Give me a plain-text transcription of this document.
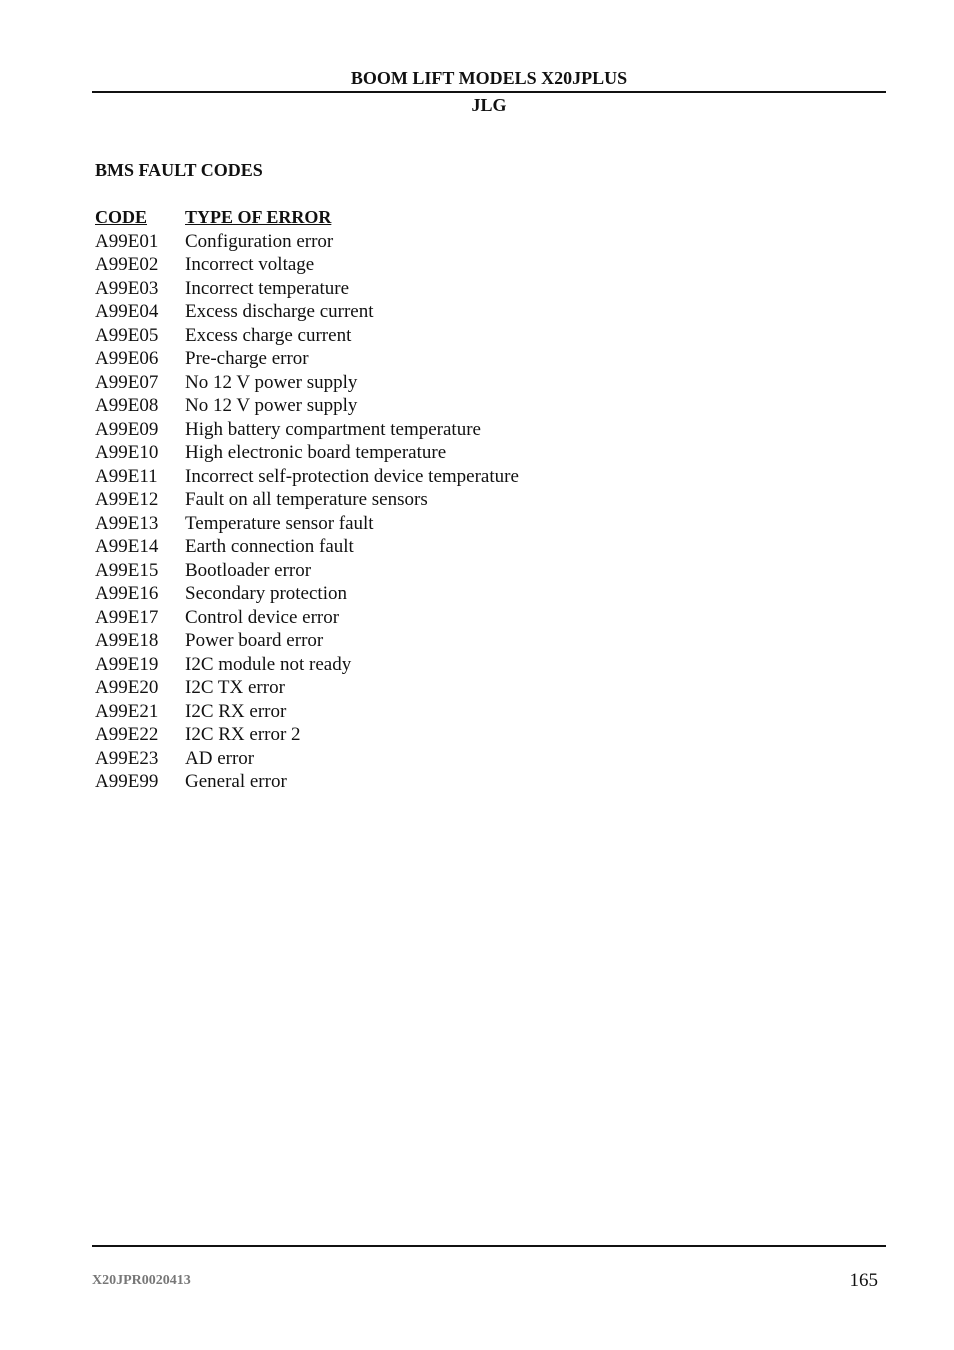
BOOM LIFT MODELS X20JPLUS
JLG
BMS FAULT CODES
CODE	TYPE OF ERROR
A99E01	Configuration error
A99E02	Incorrect voltage
A99E03	Incorrect temperature
A99E04	Excess discharge current
A99E05	Excess charge current
A99E06	Pre-charge error
A99E07	No 12 V power supply
A99E08	No 12 V power supply
A99E09	High battery compartment temperature
A99E10	High electronic board temperature
A99E11	Incorrect self-protection device temperature
A99E12	Fault on all temperature sensors
A99E13	Temperature sensor fault
A99E14	Earth connection fault
A99E15	Bootloader error
A99E16	Secondary protection
A99E17	Control device error
A99E18	Power board error
A99E19	I2C module not ready
A99E20	I2C TX error
A99E21	I2C RX error
A99E22	I2C RX error 2
A99E23	AD error
A99E99	General error
X20JPR0020413	165
